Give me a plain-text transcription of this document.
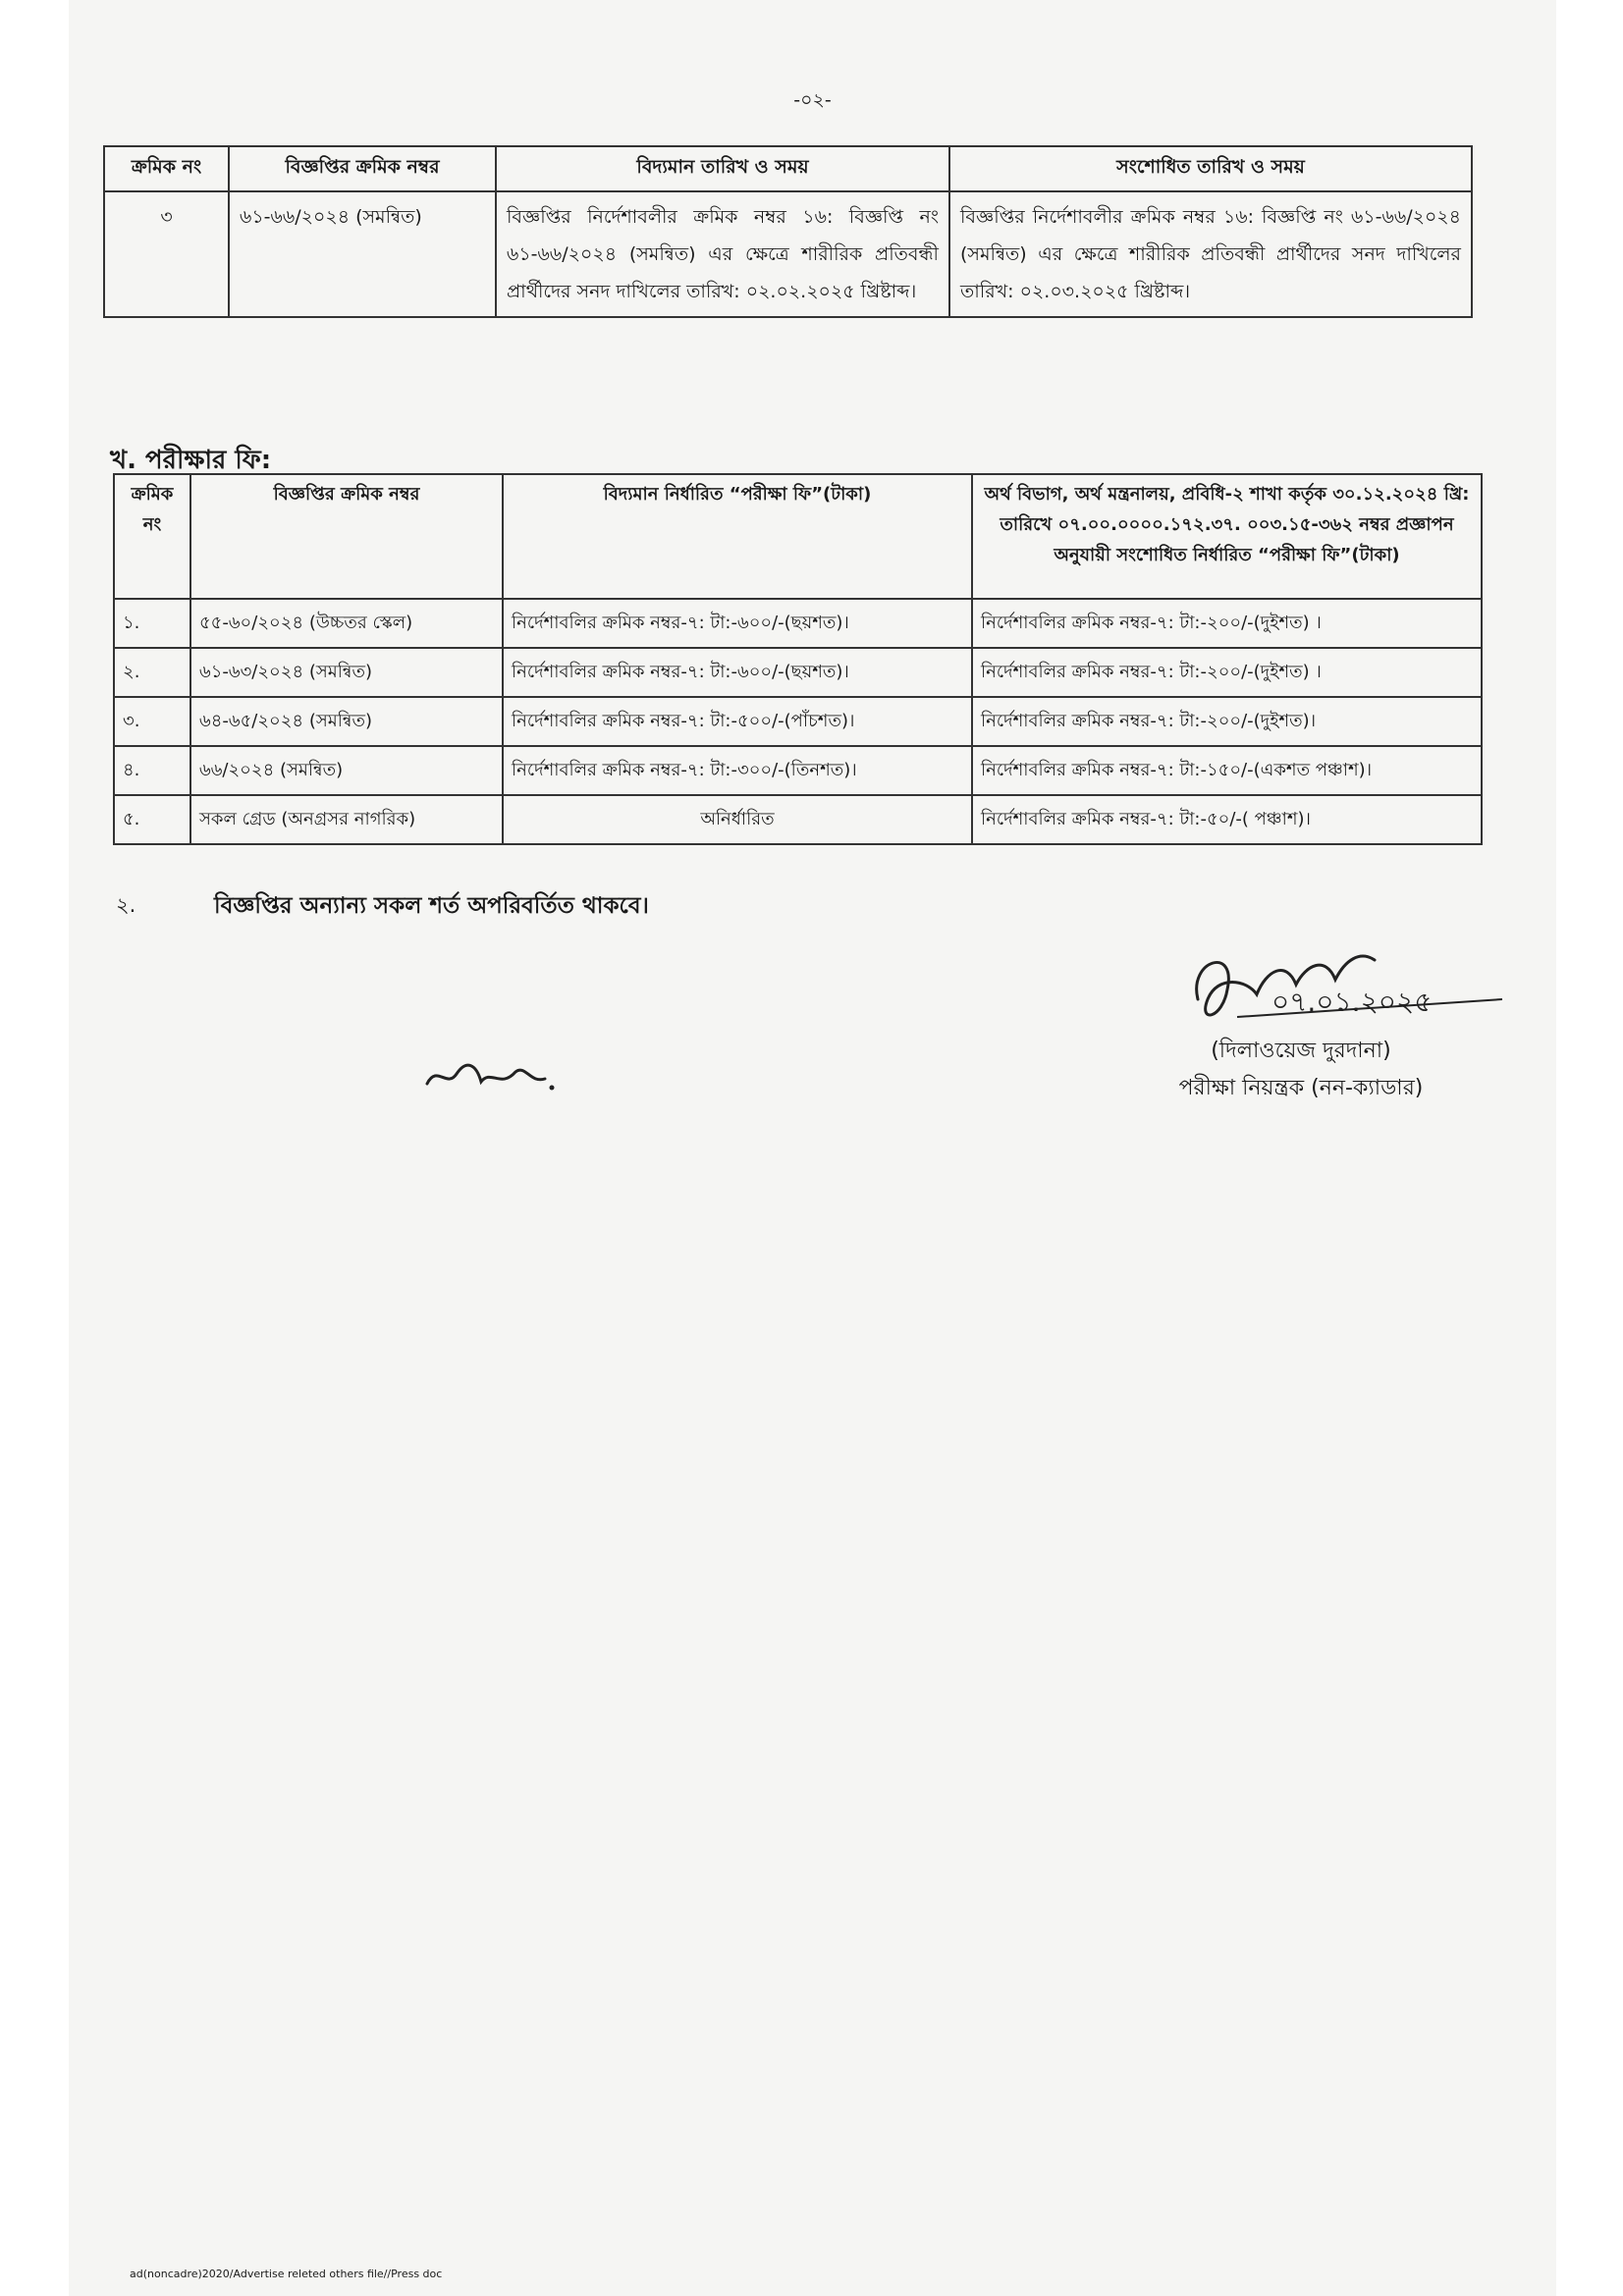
-০২-
ক্রমিক নং	বিজ্ঞপ্তির ক্রমিক নম্বর	বিদ্যমান তারিখ ও সময়	সংশোধিত তারিখ ও সময়
৩	৬১-৬৬/২০২৪ (সমন্বিত)	বিজ্ঞপ্তির নির্দেশাবলীর ক্রমিক নম্বর ১৬: বিজ্ঞপ্তি নং ৬১-৬৬/২০২৪ (সমন্বিত) এর ক্ষেত্রে শারীরিক প্রতিবন্ধী প্রার্থীদের সনদ দাখিলের তারিখ: ০২.০২.২০২৫ খ্রিষ্টাব্দ।	বিজ্ঞপ্তির নির্দেশাবলীর ক্রমিক নম্বর ১৬: বিজ্ঞপ্তি নং ৬১-৬৬/২০২৪ (সমন্বিত) এর ক্ষেত্রে শারীরিক প্রতিবন্ধী প্রার্থীদের সনদ দাখিলের তারিখ: ০২.০৩.২০২৫ খ্রিষ্টাব্দ।
খ. পরীক্ষার ফি:
ক্রমিক নং	বিজ্ঞপ্তির ক্রমিক নম্বর	বিদ্যমান নির্ধারিত “পরীক্ষা ফি”(টাকা)	অর্থ বিভাগ, অর্থ মন্ত্রনালয়, প্রবিধি-২ শাখা কর্তৃক ৩০.১২.২০২৪ খ্রি: তারিখে ০৭.০০.০০০০.১৭২.৩৭. ০০৩.১৫-৩৬২ নম্বর প্রজ্ঞাপন অনুযায়ী সংশোধিত নির্ধারিত “পরীক্ষা ফি”(টাকা)
১.	৫৫-৬০/২০২৪ (উচ্চতর স্কেল)	নির্দেশাবলির ক্রমিক নম্বর-৭: টা:-৬০০/-(ছয়শত)।	নির্দেশাবলির ক্রমিক নম্বর-৭: টা:-২০০/-(দুইশত) ।
২.	৬১-৬৩/২০২৪ (সমন্বিত)	নির্দেশাবলির ক্রমিক নম্বর-৭: টা:-৬০০/-(ছয়শত)।	নির্দেশাবলির ক্রমিক নম্বর-৭: টা:-২০০/-(দুইশত) ।
৩.	৬৪-৬৫/২০২৪ (সমন্বিত)	নির্দেশাবলির ক্রমিক নম্বর-৭: টা:-৫০০/-(পাঁচশত)।	নির্দেশাবলির ক্রমিক নম্বর-৭: টা:-২০০/-(দুইশত)।
৪.	৬৬/২০২৪ (সমন্বিত)	নির্দেশাবলির ক্রমিক নম্বর-৭: টা:-৩০০/-(তিনশত)।	নির্দেশাবলির ক্রমিক নম্বর-৭: টা:-১৫০/-(একশত পঞ্চাশ)।
৫.	সকল গ্রেড (অনগ্রসর নাগরিক)	অনির্ধারিত	নির্দেশাবলির ক্রমিক নম্বর-৭: টা:-৫০/-( পঞ্চাশ)।
২.	বিজ্ঞপ্তির অন্যান্য সকল শর্ত অপরিবর্তিত থাকবে।
০৭.০১.২০২৫
(দিলাওয়েজ দুরদানা)
পরীক্ষা নিয়ন্ত্রক (নন-ক্যাডার)
ad(noncadre)2020/Advertise releted others file//Press doc
